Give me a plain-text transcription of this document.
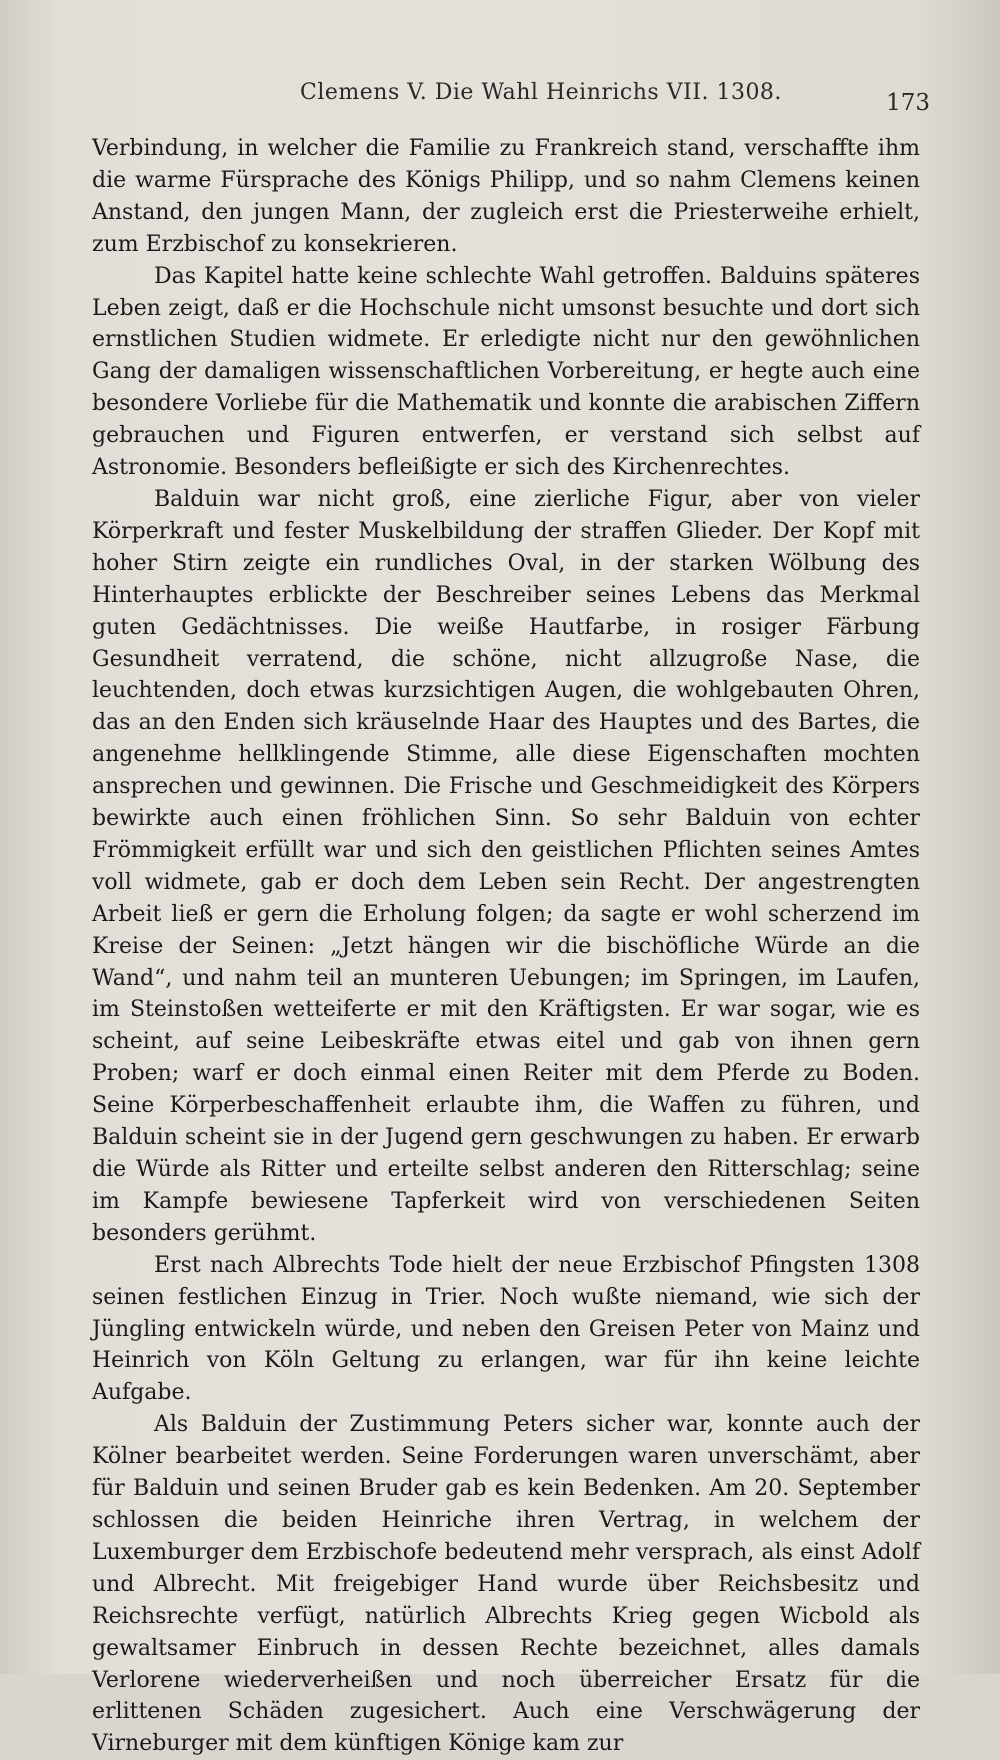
Clemens V. Die Wahl Heinrichs VII. 1308.	173

Verbindung, in welcher die Familie zu Frankreich stand, verschaffte ihm die warme Fürsprache des Königs Philipp, und so nahm Clemens keinen Anstand, den jungen Mann, der zugleich erst die Priesterweihe erhielt, zum Erzbischof zu konsekrieren.

Das Kapitel hatte keine schlechte Wahl getroffen. Balduins späteres Leben zeigt, daß er die Hochschule nicht umsonst besuchte und dort sich ernstlichen Studien widmete. Er erledigte nicht nur den gewöhnlichen Gang der damaligen wissenschaftlichen Vorbereitung, er hegte auch eine besondere Vorliebe für die Mathematik und konnte die arabischen Ziffern gebrauchen und Figuren entwerfen, er verstand sich selbst auf Astronomie. Besonders befleißigte er sich des Kirchenrechtes.

Balduin war nicht groß, eine zierliche Figur, aber von vieler Körperkraft und fester Muskelbildung der straffen Glieder. Der Kopf mit hoher Stirn zeigte ein rundliches Oval, in der starken Wölbung des Hinterhauptes erblickte der Beschreiber seines Lebens das Merkmal guten Gedächtnisses. Die weiße Hautfarbe, in rosiger Färbung Gesundheit verratend, die schöne, nicht allzugroße Nase, die leuchtenden, doch etwas kurzsichtigen Augen, die wohlgebauten Ohren, das an den Enden sich kräuselnde Haar des Hauptes und des Bartes, die angenehme hellklingende Stimme, alle diese Eigenschaften mochten ansprechen und gewinnen. Die Frische und Geschmeidigkeit des Körpers bewirkte auch einen fröhlichen Sinn. So sehr Balduin von echter Frömmigkeit erfüllt war und sich den geistlichen Pflichten seines Amtes voll widmete, gab er doch dem Leben sein Recht. Der angestrengten Arbeit ließ er gern die Erholung folgen; da sagte er wohl scherzend im Kreise der Seinen: „Jetzt hängen wir die bischöfliche Würde an die Wand“, und nahm teil an munteren Uebungen; im Springen, im Laufen, im Steinstoßen wetteiferte er mit den Kräftigsten. Er war sogar, wie es scheint, auf seine Leibeskräfte etwas eitel und gab von ihnen gern Proben; warf er doch einmal einen Reiter mit dem Pferde zu Boden. Seine Körperbeschaffenheit erlaubte ihm, die Waffen zu führen, und Balduin scheint sie in der Jugend gern geschwungen zu haben. Er erwarb die Würde als Ritter und erteilte selbst anderen den Ritterschlag; seine im Kampfe bewiesene Tapferkeit wird von verschiedenen Seiten besonders gerühmt.

Erst nach Albrechts Tode hielt der neue Erzbischof Pfingsten 1308 seinen festlichen Einzug in Trier. Noch wußte niemand, wie sich der Jüngling entwickeln würde, und neben den Greisen Peter von Mainz und Heinrich von Köln Geltung zu erlangen, war für ihn keine leichte Aufgabe.

Als Balduin der Zustimmung Peters sicher war, konnte auch der Kölner bearbeitet werden. Seine Forderungen waren unverschämt, aber für Balduin und seinen Bruder gab es kein Bedenken. Am 20. September schlossen die beiden Heinriche ihren Vertrag, in welchem der Luxemburger dem Erzbischofe bedeutend mehr versprach, als einst Adolf und Albrecht. Mit freigebiger Hand wurde über Reichsbesitz und Reichsrechte verfügt, natürlich Albrechts Krieg gegen Wicbold als gewaltsamer Einbruch in dessen Rechte bezeichnet, alles damals Verlorene wiederverheißen und noch überreicher Ersatz für die erlittenen Schäden zugesichert. Auch eine Verschwägerung der Virneburger mit dem künftigen Könige kam zur
